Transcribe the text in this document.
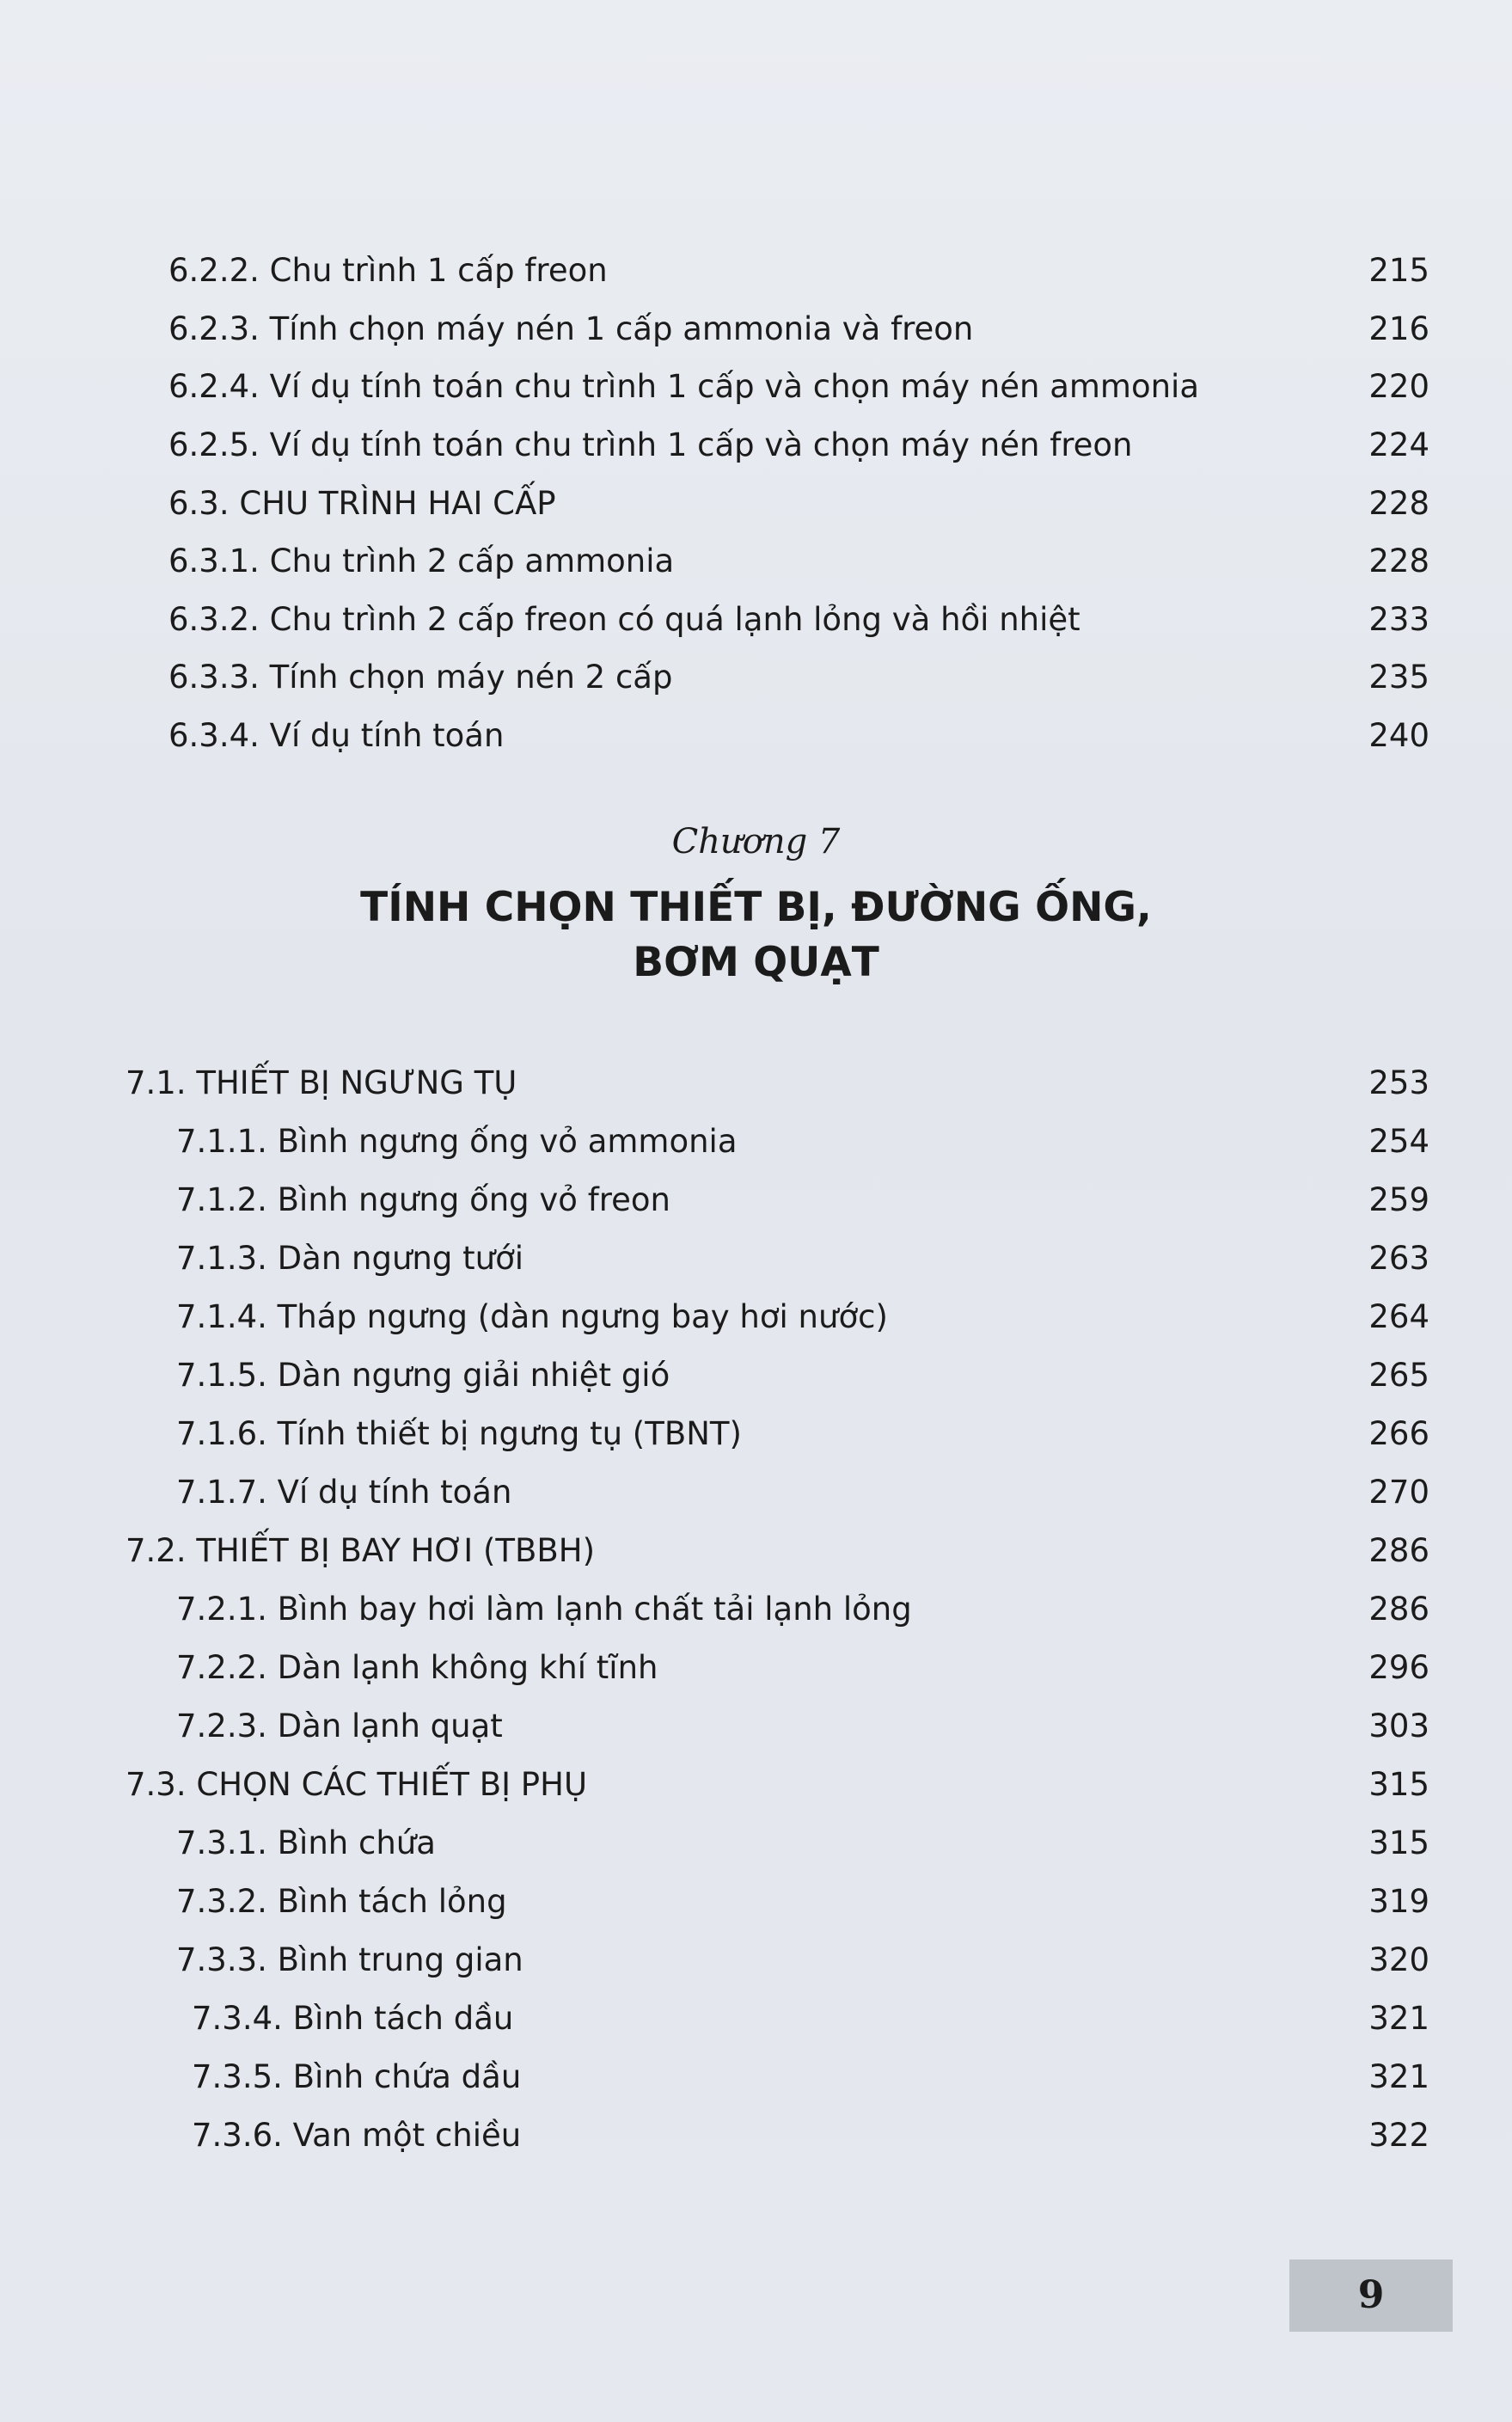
6.2.2. Chu trình 1 cấp freon	215
6.2.3. Tính chọn máy nén 1 cấp ammonia và freon	216
6.2.4. Ví dụ tính toán chu trình 1 cấp và chọn máy nén ammonia	220
6.2.5. Ví dụ tính toán chu trình 1 cấp và chọn máy nén freon	224
6.3. CHU TRÌNH HAI CẤP	228
6.3.1. Chu trình 2 cấp ammonia	228
6.3.2. Chu trình 2 cấp freon có quá lạnh lỏng và hồi nhiệt	233
6.3.3. Tính chọn máy nén 2 cấp	235
6.3.4. Ví dụ tính toán	240
Chương 7
TÍNH CHỌN THIẾT BỊ, ĐƯỜNG ỐNG,
BƠM QUẠT
7.1. THIẾT BỊ NGƯNG TỤ	253
7.1.1. Bình ngưng ống vỏ ammonia	254
7.1.2. Bình ngưng ống vỏ freon	259
7.1.3. Dàn ngưng tưới	263
7.1.4. Tháp ngưng (dàn ngưng bay hơi nước)	264
7.1.5. Dàn ngưng giải nhiệt gió	265
7.1.6. Tính thiết bị ngưng tụ (TBNT)	266
7.1.7. Ví dụ tính toán	270
7.2. THIẾT BỊ BAY HƠI (TBBH)	286
7.2.1. Bình bay hơi làm lạnh chất tải lạnh lỏng	286
7.2.2. Dàn lạnh không khí tĩnh	296
7.2.3. Dàn lạnh quạt	303
7.3. CHỌN CÁC THIẾT BỊ PHỤ	315
7.3.1. Bình chứa	315
7.3.2. Bình tách lỏng	319
7.3.3. Bình trung gian	320
7.3.4. Bình tách dầu	321
7.3.5. Bình chứa dầu	321
7.3.6. Van một chiều	322
9
